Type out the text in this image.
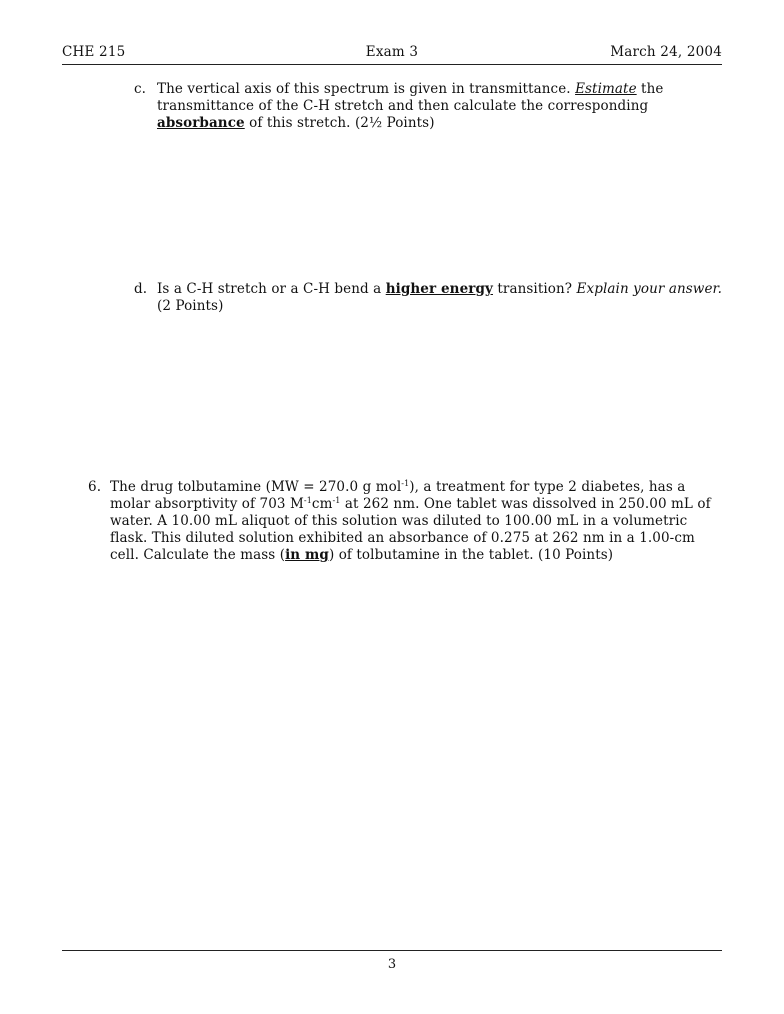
CHE 215	Exam 3	March 24, 2004
c. The vertical axis of this spectrum is given in transmittance. Estimate the
transmittance of the C-H stretch and then calculate the corresponding
absorbance of this stretch. (2½ Points)
d. Is a C-H stretch or a C-H bend a higher energy transition? Explain your answer.
(2 Points)
6. The drug tolbutamine (MW = 270.0 g mol$^{-1}$), a treatment for type 2 diabetes, has a
molar absorptivity of 703 $M^{-1}cm^{-1}$ at 262 nm. One tablet was dissolved in 250.00 mL of
water. A 10.00 mL aliquot of this solution was diluted to 100.00 mL in a volumetric
flask. This diluted solution exhibited an absorbance of 0.275 at 262 nm in a 1.00-cm
cell. Calculate the mass (in mg) of tolbutamine in the tablet. (10 Points)
3
